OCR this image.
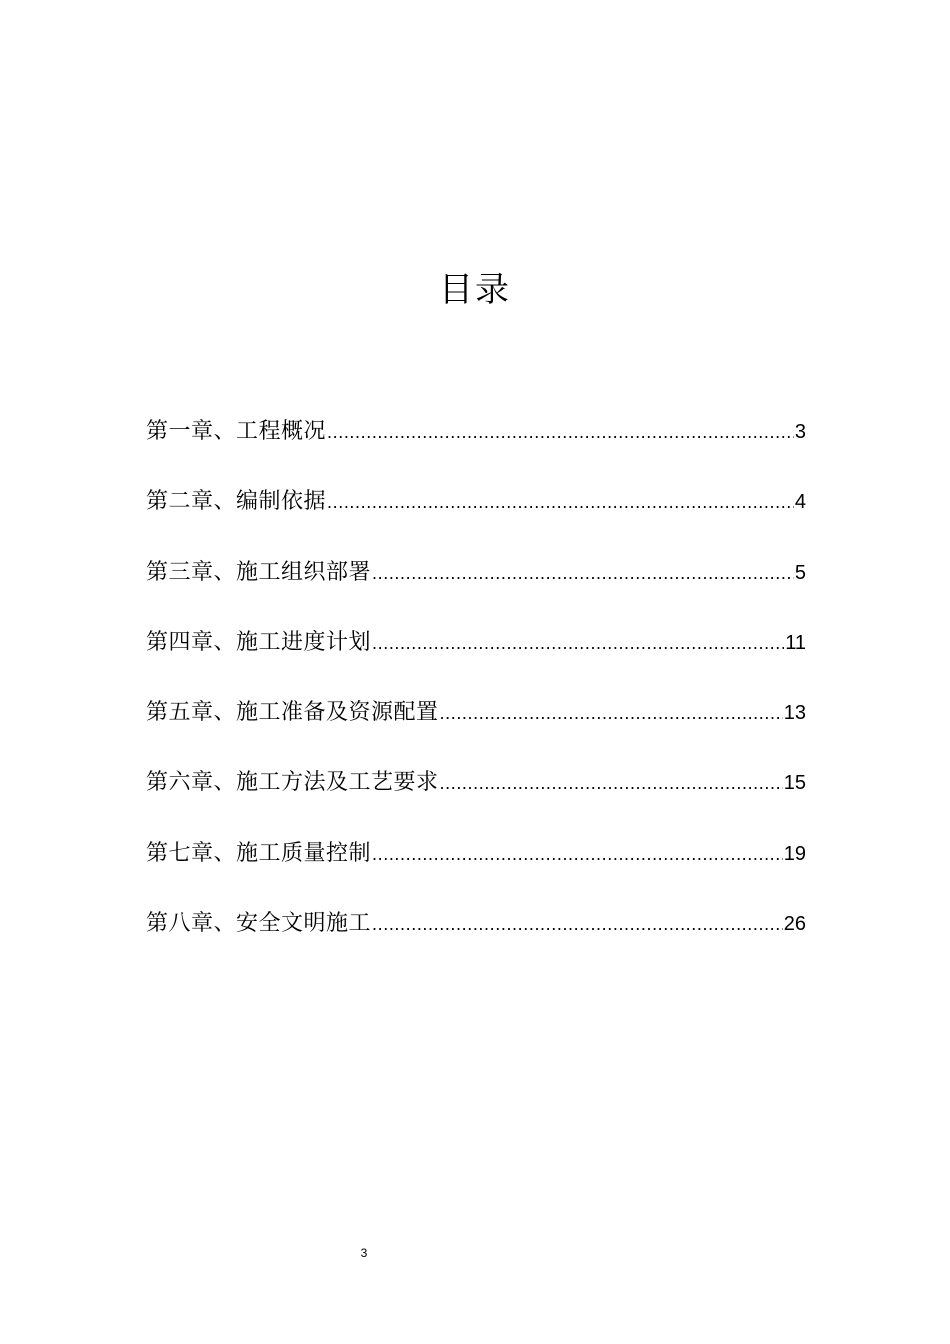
目录
第一章、工程概况 .....	3
第二章、编制依据 .....	4
第三章、施工组织部署 .....	5
第四章、施工进度计划 .....	11
第五章、施工准备及资源配置 .....	13
第六章、施工方法及工艺要求 .....	15
第七章、施工质量控制 .....	19
第八章、安全文明施工 .....	26
3
